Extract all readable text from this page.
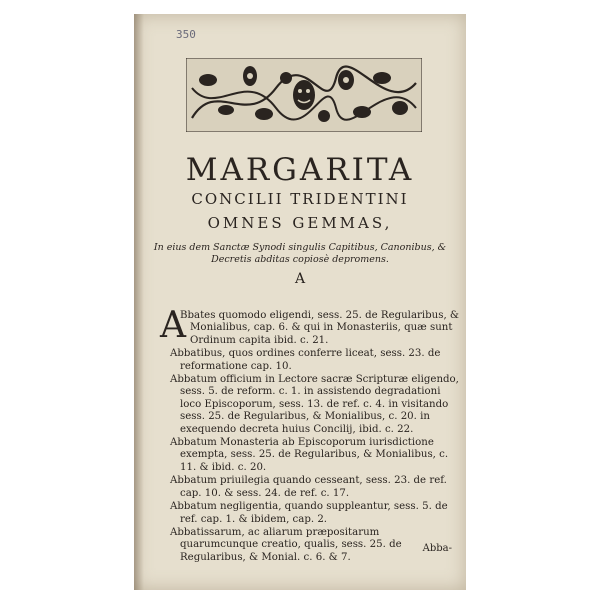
350
MARGARITA
CONCILII TRIDENTINI
OMNES GEMMAS,
In eius dem Sanctæ Synodi singulis Capitibus, Canonibus, & Decretis abditas copiosè depromens.
A

A
Bbates quomodo eligendi, sess. 25. de Regularibus, & Monialibus, cap. 6. & qui in Monasteriis, quæ sunt Ordinum capita ibid. c. 21.

Abbatibus, quos ordines conferre liceat, sess. 23. de reformatione cap. 10.

Abbatum officium in Lectore sacræ Scripturæ eligendo, sess. 5. de reform. c. 1. in assistendo degradationi loco Episcoporum, sess. 13. de ref. c. 4. in visitando sess. 25. de Regularibus, & Monialibus, c. 20. in exequendo decreta huius Concilij, ibid. c. 22.

Abbatum Monasteria ab Episcoporum iurisdictione exempta, sess. 25. de Regularibus, & Monialibus, c. 11. & ibid. c. 20.

Abbatum priuilegia quando cesseant, sess. 23. de ref. cap. 10. & sess. 24. de ref. c. 17.

Abbatum negligentia, quando suppleantur, sess. 5. de ref. cap. 1. & ibidem, cap. 2.

Abbatissarum, ac aliarum præpositarum quarumcunque creatio, qualis, sess. 25. de Regularibus, & Monial. c. 6. & 7.

Abba-
